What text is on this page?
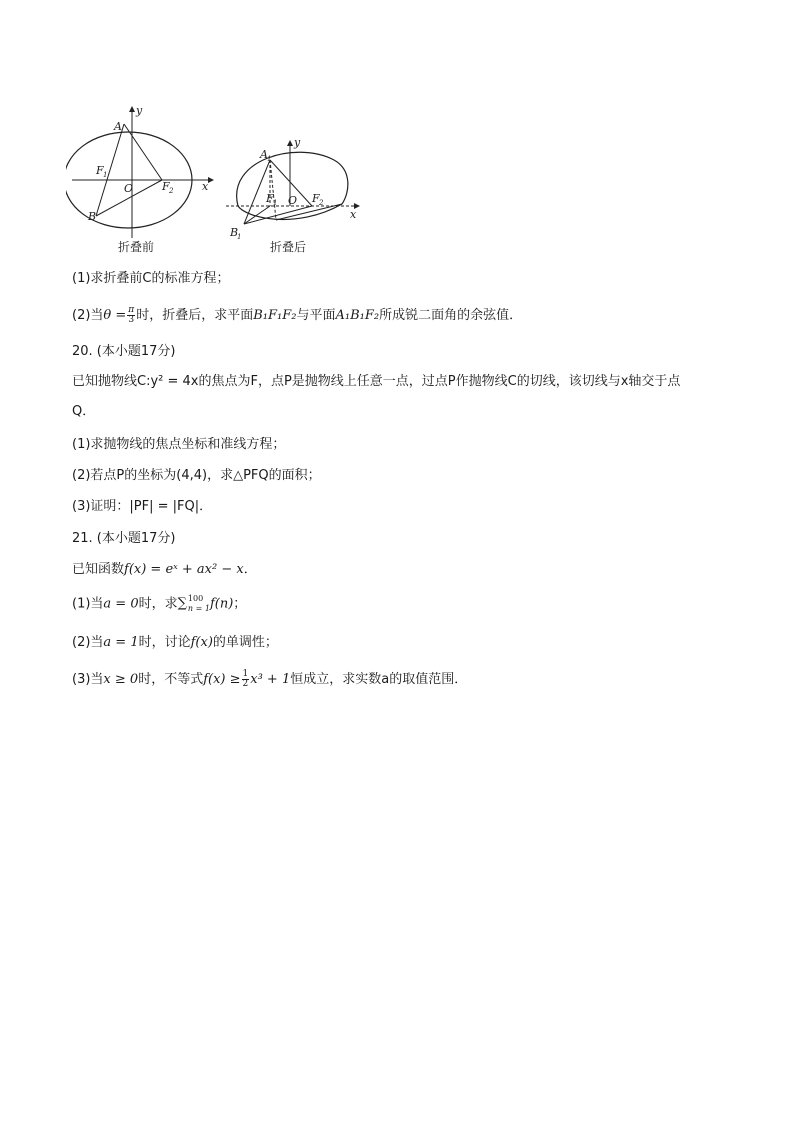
y
x
A
B
O
F 1
F 2
y
x
A 1
B
1
O
F 1	F 2
折叠前	折叠后
(1)求折叠前C的标准方程；
(2)当$\theta = \frac{\pi}{3}$ 时，折叠后，求平面B₁F₁F₂与平面A₁B₁F₂所成锐二面角的余弦值．
20. (本小题17分)
已知抛物线C:y² = 4x的焦点为F，点P是抛物线上任意一点，过点P作抛物线C的切线，该切线与x轴交于点
Q．
(1)求抛物线的焦点坐标和准线方程；
(2)若点P的坐标为(4,4)，求△PFQ的面积；
(3)证明：|PF| = |FQ|．
21. (本小题17分)
已知函数f(x) = eˣ + ax² − x．
(1)当a = 0时，求 ∑ 100
n = 1 f(n)；
(2)当a = 1时，讨论f(x)的单调性；
(3)当x ≥ 0时，不等式$f(x) \ge \frac{1}{2} x^3 + 1$恒成立，求实数a的取值范围．
